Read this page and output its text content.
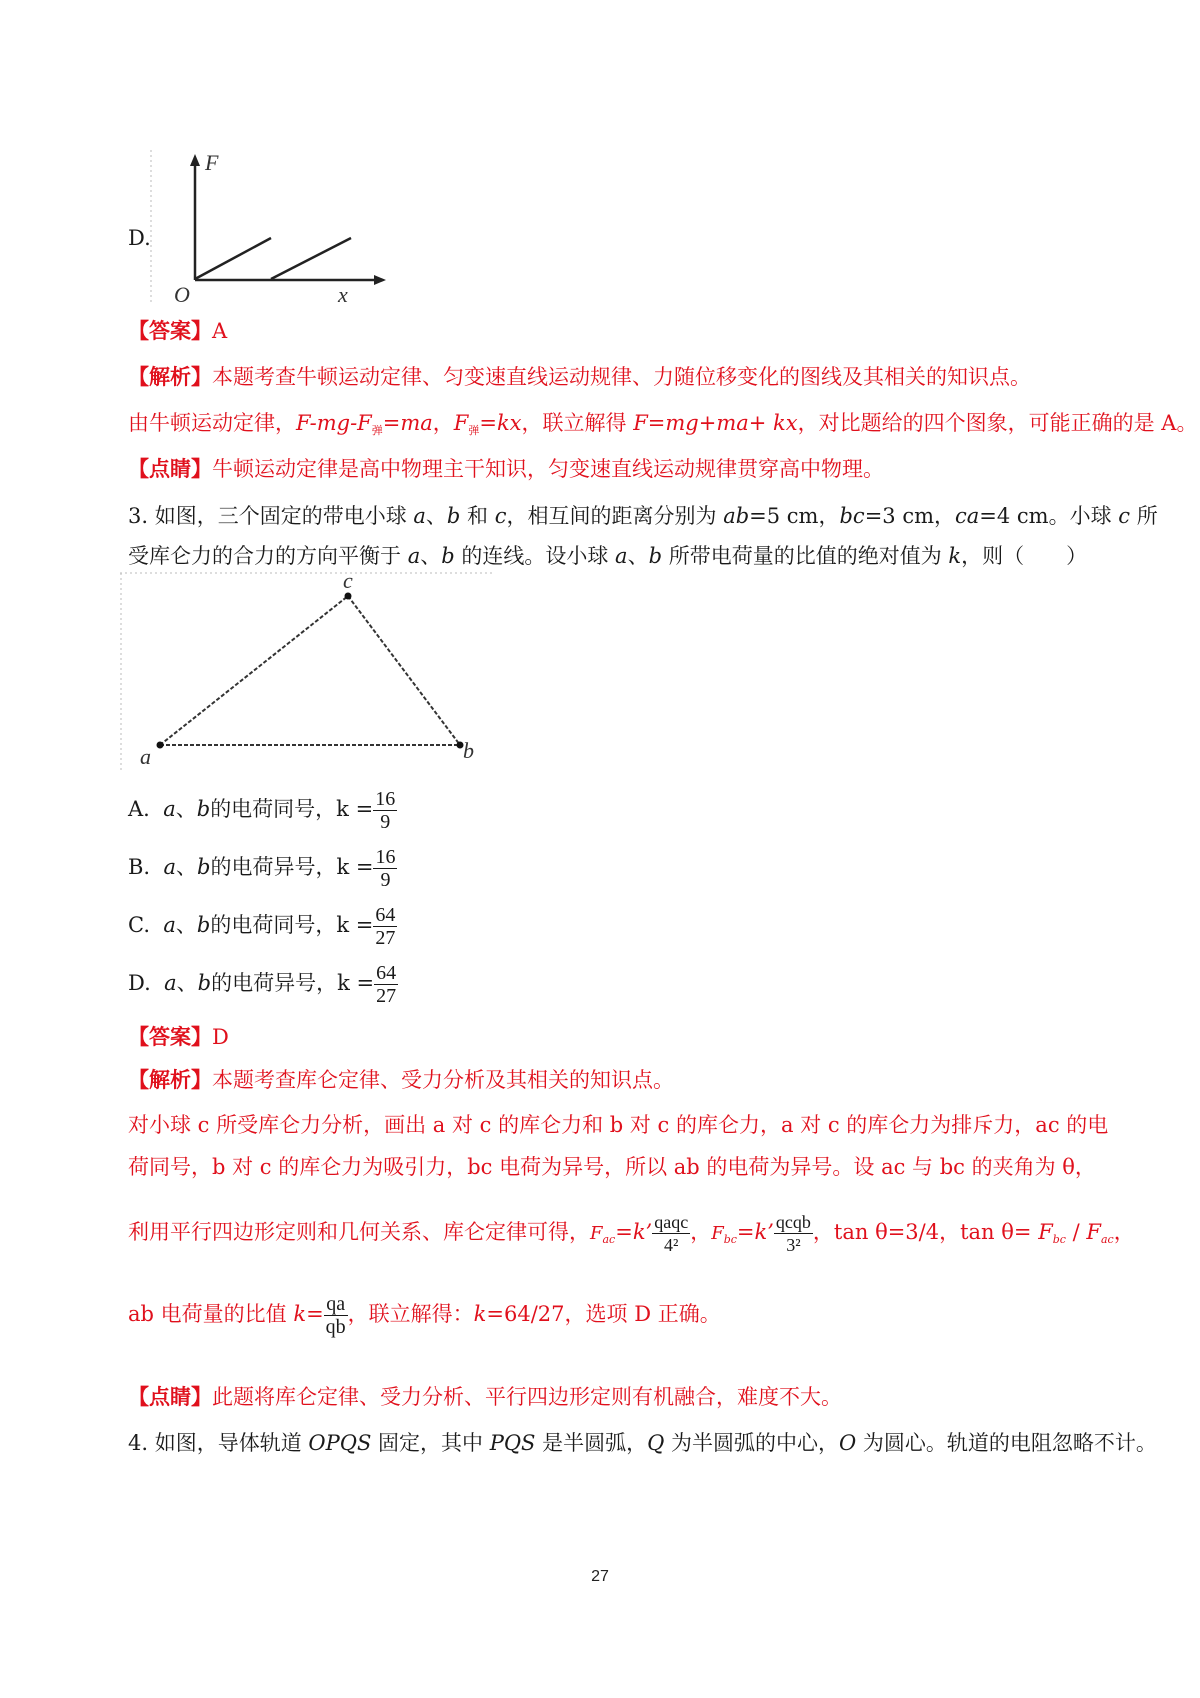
D.
F
x
O
【答案】A
【解析】本题考查牛顿运动定律、匀变速直线运动规律、力随位移变化的图线及其相关的知识点。
由牛顿运动定律，F-mg-F弹=ma，F弹=kx，联立解得 F=mg+ma+ kx，对比题给的四个图象，可能正确的是 A。
【点睛】牛顿运动定律是高中物理主干知识，匀变速直线运动规律贯穿高中物理。
3. 如图，三个固定的带电小球 a、b 和 c，相互间的距离分别为 ab=5 cm，bc=3 cm，ca=4 cm。小球 c 所
受库仑力的合力的方向平衡于 a、b 的连线。设小球 a、b 所带电荷量的比值的绝对值为 k，则（　　）
a	b
c
A. a、b的电荷同号，$k = \frac{16}{9}$
B. a、b的电荷异号，$k = \frac{16}{9}$
C. a、b的电荷同号，$k = \frac{64}{27}$
D. a、b的电荷异号，$k = \frac{64}{27}$
【答案】D
【解析】本题考查库仑定律、受力分析及其相关的知识点。
对小球 c 所受库仑力分析，画出 a 对 c 的库仑力和 b 对 c 的库仑力，a 对 c 的库仑力为排斥力，ac 的电
荷同号，b 对 c 的库仑力为吸引力，bc 电荷为异号，所以 ab 的电荷为异号。设 ac 与 bc 的夹角为 θ，
利用平行四边形定则和几何关系、库仑定律可得，Fac=k’ $\frac{\text{qaqc}}{\text{4²}}$ ，Fbc=k’ $\frac{\text{qcqb}}{\text{3²}}$ ，tan θ=3/4，tan θ= Fbc / Fac，
ab 电荷量的比值 $k= \frac{qa}{qb}$ ，联立解得：k=64/27，选项 D 正确。
【点睛】此题将库仑定律、受力分析、平行四边形定则有机融合，难度不大。
4. 如图，导体轨道 OPQS 固定，其中 PQS 是半圆弧，Q 为半圆弧的中心，O 为圆心。轨道的电阻忽略不计。
27
